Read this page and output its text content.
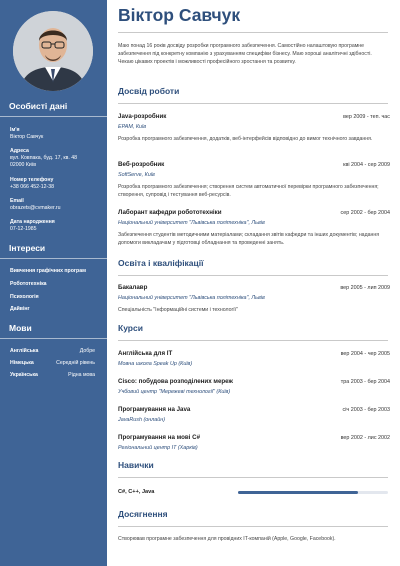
Особисті дані
Ім'я
Віктор Савчук
Адреса
вул. Ковпака, буд. 17, кв. 48
02000 Київ
Номер телефону
+38 066 452-12-38
Email
obrazets@cvmaker.ru
Дата народження
07-12-1985
Інтереси
Вивчення графічних програм
Робототехніка
Психологія
Дайвінг
Мови
Англійська	Добре
Німецька	Середній рівень
Українська	Рідна мова
Віктор Савчук
Маю понад 16 років досвіду розробки програмного забезпечення. Самостійно налаштовую програмне забезпечення під конкретну компанію з урахуванням специфіки бізнесу. Маю хороші аналітичні здібності. Чекаю цікавих проектів і можливості професійного зростання та розвитку.
Досвід роботи
Java-розробник	вер 2009 - теп. час
EPAM, Київ
Розробка програмного забезпечення, додатків, веб-інтерфейсів відповідно до вимог технічного завдання.
Веб-розробник	кві 2004 - сер 2009
SoftServe, Київ
Розробка програмного забезпечення; створення систем автоматичної перевірки програмного забезпечення; створення, супровід і тестування веб-ресурсів.
Лаборант кафедри робототехніки	сер 2002 - бер 2004
Національний університет "Львівська політехніка", Львів
Забезпечення студентів методичними матеріалами; складання звітів кафедри та інших документів; надання допомоги викладачам у підготовці обладнання та проведенні занять.
Освіта і кваліфікації
Бакалавр	вер 2005 - лип 2009
Національний університет "Львівська політехніка", Львів
Спеціальність "Інформаційні системи і технології"
Курси
Англійська для IT	вер 2004 - чер 2005
Мовна школа Speak Up (Київ)
Cisco: побудова розподілених мереж	тра 2003 - бер 2004
Учбовий центр "Мережеві технології" (Київ)
Програмування на Java	січ 2003 - бер 2003
JavaRush (онлайн)
Програмування на мові C#	вер 2002 - лис 2002
Регіональний центр IT (Харків)
Навички
C#, C++, Java
Досягнення
Створював програмне забезпечення для провідних IT-компаній (Apple, Google, Facebook).
